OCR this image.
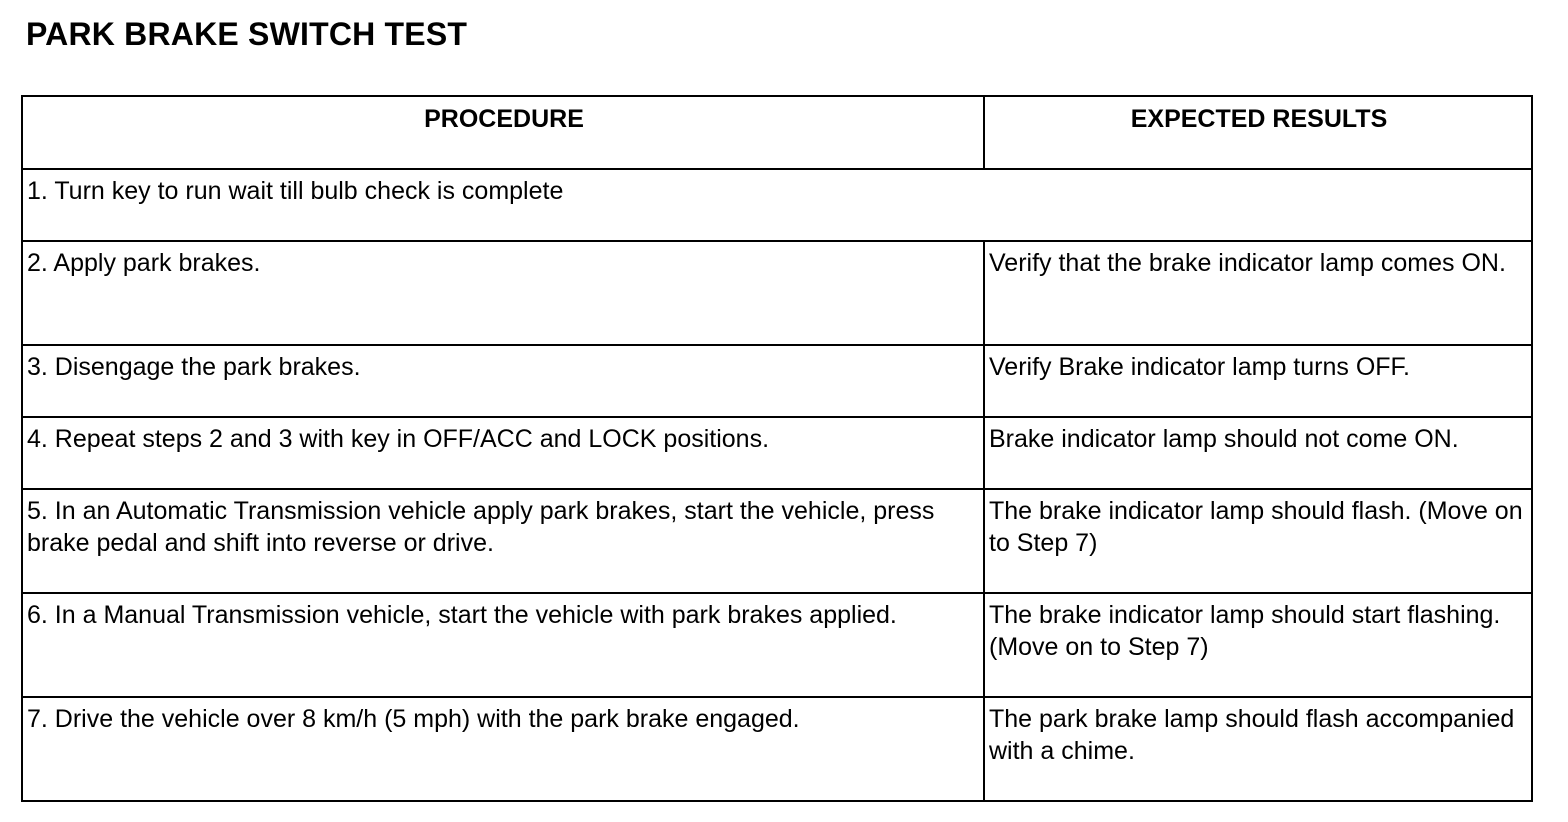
PARK BRAKE SWITCH TEST
PROCEDURE	EXPECTED RESULTS
1. Turn key to run wait till bulb check is complete	
2. Apply park brakes.	Verify that the brake indicator lamp comes ON.
3. Disengage the park brakes.	Verify Brake indicator lamp turns OFF.
4. Repeat steps 2 and 3 with key in OFF/ACC and LOCK positions.	Brake indicator lamp should not come ON.
5. In an Automatic Transmission vehicle apply park brakes, start the vehicle, press brake pedal and shift into reverse or drive.	The brake indicator lamp should flash. (Move on to Step 7)
6. In a Manual Transmission vehicle, start the vehicle with park brakes applied.	The brake indicator lamp should start flashing. (Move on to Step 7)
7. Drive the vehicle over 8 km/h (5 mph) with the park brake engaged.	The park brake lamp should flash accompanied with a chime.
